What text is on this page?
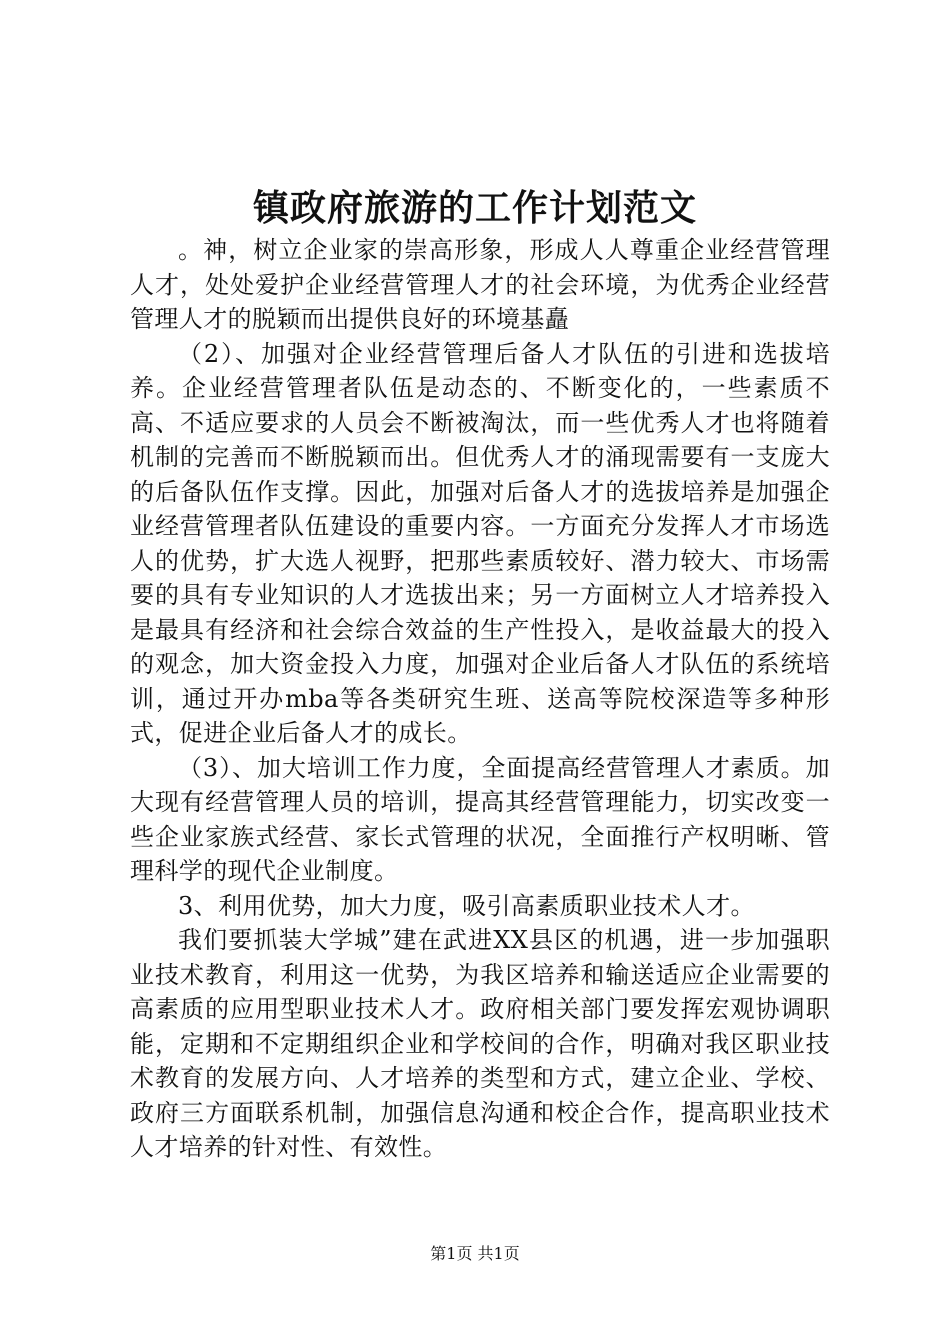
镇政府旅游的工作计划范文

。神，树立企业家的崇高形象，形成人人尊重企业经营管理人才，处处爱护企业经营管理人才的社会环境，为优秀企业经营管理人才的脱颖而出提供良好的环境基矗

（2）、加强对企业经营管理后备人才队伍的引进和选拔培养。企业经营管理者队伍是动态的、不断变化的，一些素质不高、不适应要求的人员会不断被淘汰，而一些优秀人才也将随着机制的完善而不断脱颖而出。但优秀人才的涌现需要有一支庞大的后备队伍作支撑。因此，加强对后备人才的选拔培养是加强企业经营管理者队伍建设的重要内容。一方面充分发挥人才市场选人的优势，扩大选人视野，把那些素质较好、潜力较大、市场需要的具有专业知识的人才选拔出来；另一方面树立人才培养投入是最具有经济和社会综合效益的生产性投入，是收益最大的投入的观念，加大资金投入力度，加强对企业后备人才队伍的系统培训，通过开办mba等各类研究生班、送高等院校深造等多种形式，促进企业后备人才的成长。

（3）、加大培训工作力度，全面提高经营管理人才素质。加大现有经营管理人员的培训，提高其经营管理能力，切实改变一些企业家族式经营、家长式管理的状况，全面推行产权明晰、管理科学的现代企业制度。

3、利用优势，加大力度，吸引高素质职业技术人才。

我们要抓装大学城”建在武进XX县区的机遇，进一步加强职业技术教育，利用这一优势，为我区培养和输送适应企业需要的高素质的应用型职业技术人才。政府相关部门要发挥宏观协调职能，定期和不定期组织企业和学校间的合作，明确对我区职业技术教育的发展方向、人才培养的类型和方式，建立企业、学校、政府三方面联系机制，加强信息沟通和校企合作，提高职业技术人才培养的针对性、有效性。

第1页 共1页
